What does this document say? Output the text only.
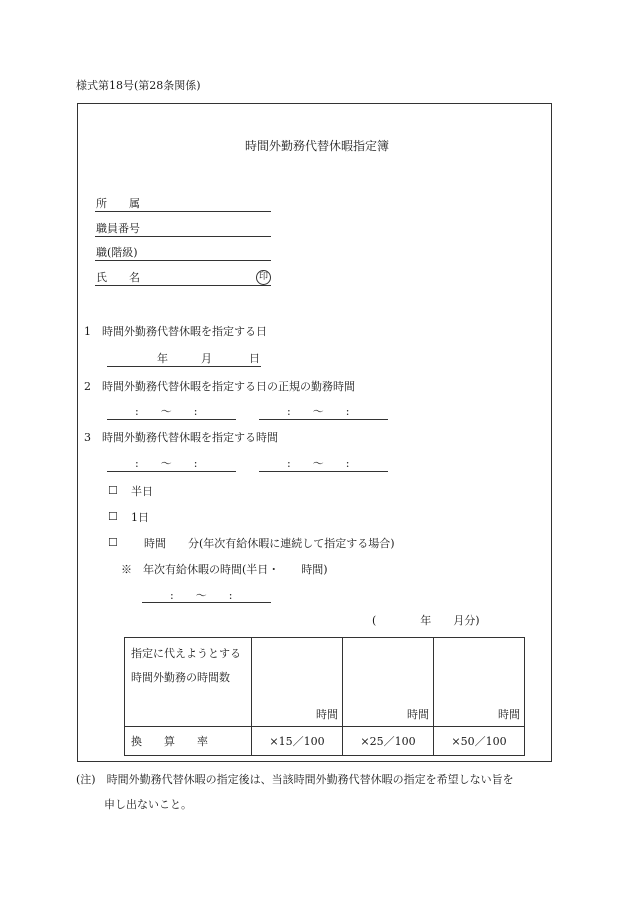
様式第18号(第28条関係)
時間外勤務代替休暇指定簿
所　　属
職員番号
職(階級)
氏　　名	印
1　時間外勤務代替休暇を指定する日
年	月	日
2　時間外勤務代替休暇を指定する日の正規の勤務時間
:　　〜　　:	:　　〜　　:
3　時間外勤務代替休暇を指定する時間
:　　〜　　:	:　　〜　　:
☐ 半日
☐ 1日
☐ 時間　　分(年次有給休暇に連続して指定する場合)
※　年次有給休暇の時間(半日・　　時間)
:　　〜　　:
(　　　　年　　月分)
指定に代えようとする時間外勤務の時間数	時間	時間	時間
換　　算　　率	×15／100	×25／100	×50／100
(注)　時間外勤務代替休暇の指定後は、当該時間外勤務代替休暇の指定を希望しない旨を
申し出ないこと。
